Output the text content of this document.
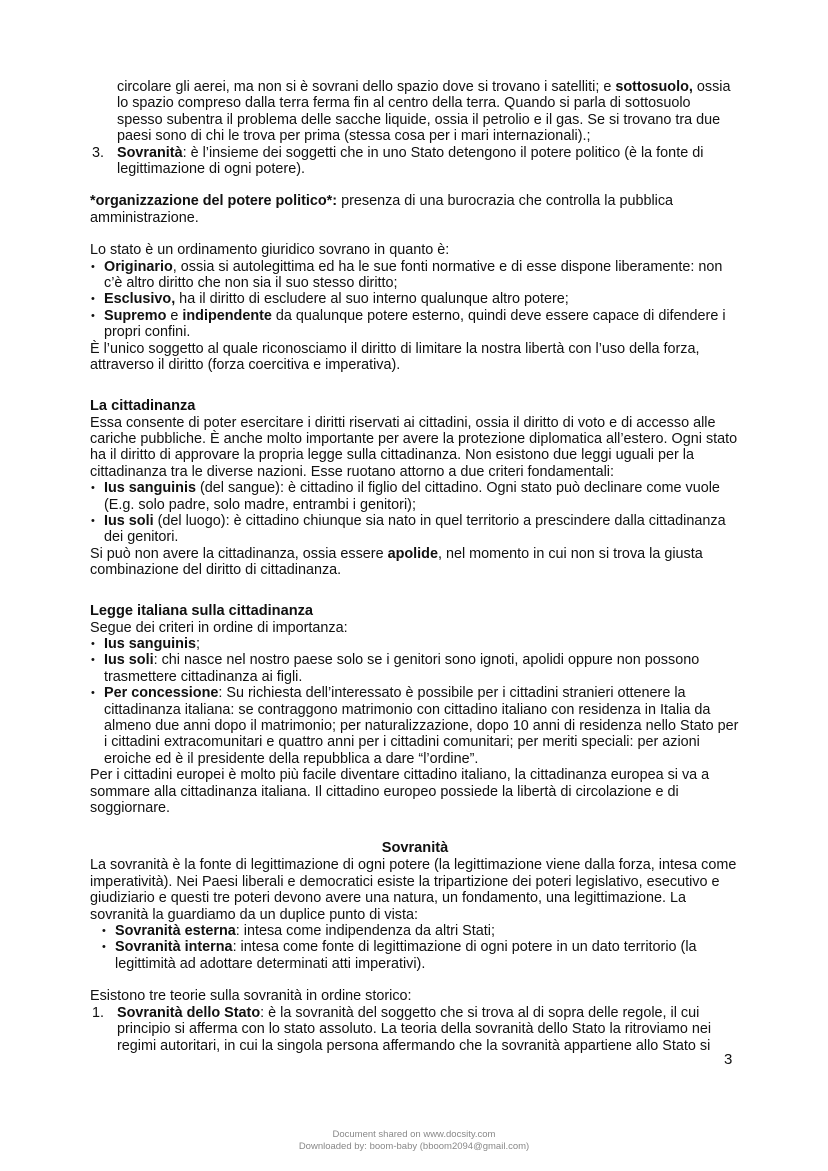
circolare gli aerei, ma non si è sovrani dello spazio dove si trovano i satelliti; e sottosuolo, ossia lo spazio compreso dalla terra ferma fin al centro della terra. Quando si parla di sottosuolo spesso subentra il problema delle sacche liquide, ossia il petrolio e il gas. Se si trovano tra due paesi sono di chi le trova per prima (stessa cosa per i mari internazionali).;

3. Sovranità: è l’insieme dei soggetti che in uno Stato detengono il potere politico (è la fonte di legittimazione di ogni potere).

*organizzazione del potere politico*: presenza di una burocrazia che controlla la pubblica amministrazione.

Lo stato è un ordinamento giuridico sovrano in quanto è:

• Originario, ossia si autolegittima ed ha le sue fonti normative e di esse dispone liberamente: non c’è altro diritto che non sia il suo stesso diritto;
• Esclusivo, ha il diritto di escludere al suo interno qualunque altro potere;
• Supremo e indipendente da qualunque potere esterno, quindi deve essere capace di difendere i propri confini.

È l’unico soggetto al quale riconosciamo il diritto di limitare la nostra libertà con l’uso della forza, attraverso il diritto (forza coercitiva e imperativa).

La cittadinanza

Essa consente di poter esercitare i diritti riservati ai cittadini, ossia il diritto di voto e di accesso alle cariche pubbliche. È anche molto importante per avere la protezione diplomatica all’estero. Ogni stato ha il diritto di approvare la propria legge sulla cittadinanza. Non esistono due leggi uguali per la cittadinanza tra le diverse nazioni. Esse ruotano attorno a due criteri fondamentali:

• Ius sanguinis (del sangue): è cittadino il figlio del cittadino. Ogni stato può declinare come vuole (E.g. solo padre, solo madre, entrambi i genitori);
• Ius soli (del luogo): è cittadino chiunque sia nato in quel territorio a prescindere dalla cittadinanza dei genitori.

Si può non avere la cittadinanza, ossia essere apolide, nel momento in cui non si trova la giusta combinazione del diritto di cittadinanza.

Legge italiana sulla cittadinanza

Segue dei criteri in ordine di importanza:

• Ius sanguinis;
• Ius soli: chi nasce nel nostro paese solo se i genitori sono ignoti, apolidi oppure non possono trasmettere cittadinanza ai figli.
• Per concessione: Su richiesta dell’interessato è possibile per i cittadini stranieri ottenere la cittadinanza italiana: se contraggono matrimonio con cittadino italiano con residenza in Italia da almeno due anni dopo il matrimonio; per naturalizzazione, dopo 10 anni di residenza nello Stato per i cittadini extracomunitari e quattro anni per i cittadini comunitari; per meriti speciali: per azioni eroiche ed è il presidente della repubblica a dare “l’ordine”.

Per i cittadini europei è molto più facile diventare cittadino italiano, la cittadinanza europea si va a sommare alla cittadinanza italiana. Il cittadino europeo possiede la libertà di circolazione e di soggiornare.

Sovranità

La sovranità è la fonte di legittimazione di ogni potere (la legittimazione viene dalla forza, intesa come imperatività). Nei Paesi liberali e democratici esiste la tripartizione dei poteri legislativo, esecutivo e giudiziario e questi tre poteri devono avere una natura, un fondamento, una legittimazione. La sovranità la guardiamo da un duplice punto di vista:

• Sovranità esterna: intesa come indipendenza da altri Stati;
• Sovranità interna: intesa come fonte di legittimazione di ogni potere in un dato territorio (la legittimità ad adottare determinati atti imperativi).

Esistono tre teorie sulla sovranità in ordine storico:

1. Sovranità dello Stato: è la sovranità del soggetto che si trova al di sopra delle regole, il cui principio si afferma con lo stato assoluto. La teoria della sovranità dello Stato la ritroviamo nei regimi autoritari, in cui la singola persona affermando che la sovranità appartiene allo Stato si
3
Document shared on www.docsity.com
Downloaded by: boom-baby (bboom2094@gmail.com)
